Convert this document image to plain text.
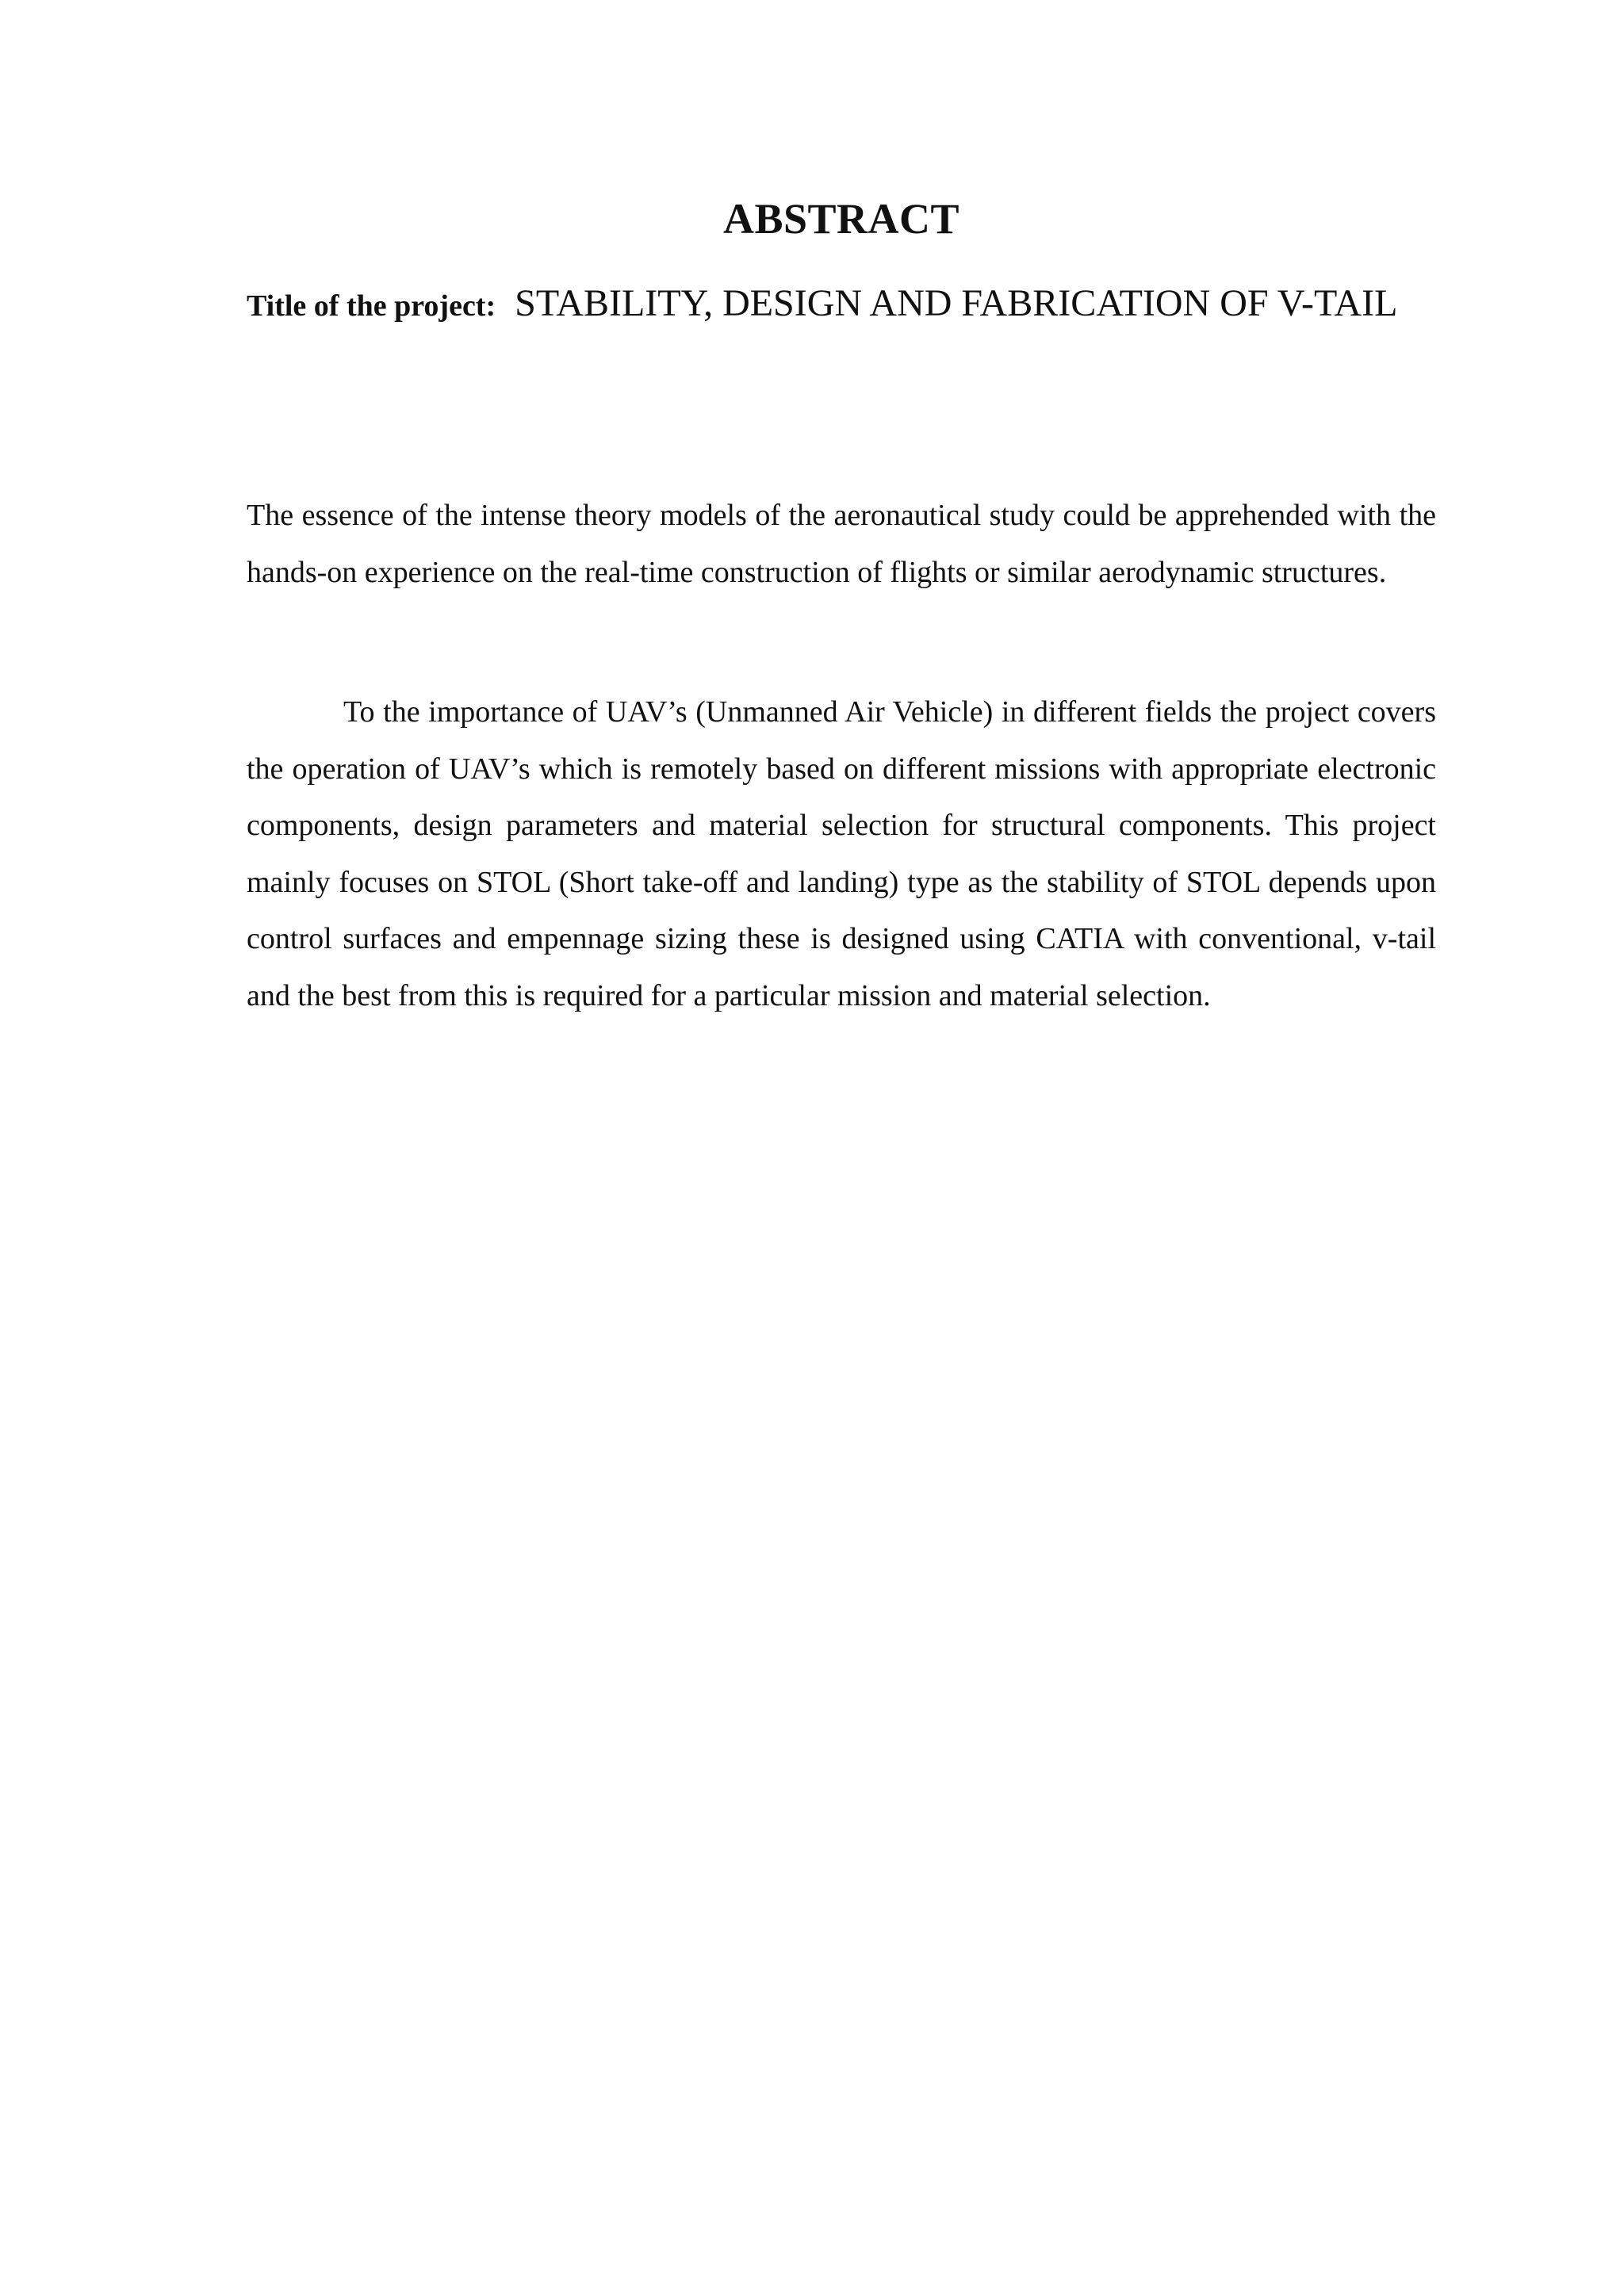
ABSTRACT
Title of the project: STABILITY, DESIGN AND FABRICATION OF V-TAIL

The essence of the intense theory models of the aeronautical study could be apprehended with the hands-on experience on the real-time construction of flights or similar aerodynamic structures.

To the importance of UAV’s (Unmanned Air Vehicle) in different fields the project covers the operation of UAV’s which is remotely based on different missions with appropriate electronic components, design parameters and material selection for structural components. This project mainly focuses on STOL (Short take-off and landing) type as the stability of STOL depends upon control surfaces and empennage sizing these is designed using CATIA with conventional, v-tail and the best from this is required for a particular mission and material selection.
